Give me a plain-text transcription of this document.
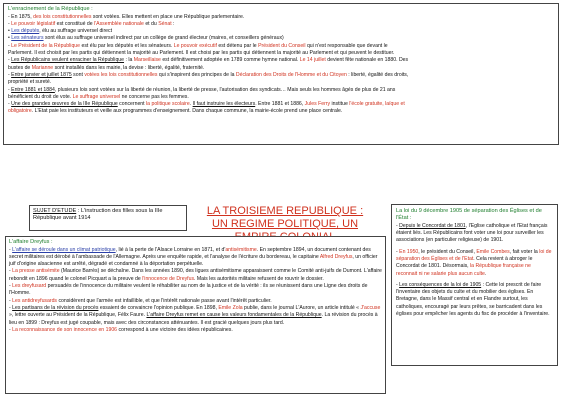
L'enracinement de la République :
- En 1875, des lois constitutionnelles sont votées. Elles mettent en place une République parlementaire.
- Le pouvoir législatif est constitué de l'Assemblée nationale et du Sénat :
• Les députés, élu au suffrage universel direct
• Les sénateurs sont élus au suffrage universel indirect par un collège de grand électeur (maires, et conseillers généraux)
- Le Président de la République est élu par les députés et les sénateurs. Le pouvoir exécutif est détenu par le Président du Conseil qui n'est responsable que devant le
Parlement. Il est choisit par les partis qui détiennent la majorité au Parlement. Il est choisi par les partis qui détiennent la majorité au Parlement et qui peuvent le destituer.
- Les Républicains veulent enraciner la République : la Marseillaise est définitivement adoptée en 1789 comme hymne national. Le 14 juillet devient fête nationale en 1880. Des
bustes de Marianne sont installés dans les mairie, la devise : liberté, égalité, fraternité.
- Entre janvier et juillet 1875 sont votées les lois constitutionnelles qui s'inspirent des principes de la Déclaration des Droits de l'Homme et du Citoyen : liberté, égalité des droits,
propriété et sureté.
- Entre 1881 et 1884, plusieurs lois sont votées sur la liberté de réunion, la liberté de presse, l'autorisation des syndicats… Mais seuls les hommes âgés de plus de 21 ans
bénéficient du droit de vote. Le suffrage universel ne concerne pas les femmes.
- Une des grandes œuvres de la IIIe République concernent la politique scolaire. Il faut instruire les électeurs. Entre 1881 et 1886, Jules Ferry institue l'école gratuite, laïque et
obligatoire. L'Etat paie les instituteurs et veille aux programmes d'enseignement. Dans chaque commune, la mairie-école prend une place centrale.
SUJET D'ETUDE : L'instruction des filles sous la IIIe République avant 1914
LA TROISIEME REPUBLIQUE : UN REGIME POLITIQUE, UN
La loi du 9 décembre 1905 de séparation des Églises et de l'État :
- Depuis le Concordat de 1801, l'Eglise catholique et l'Etat français étaient liés. Les Républicains font voter une loi pour surveiller les associations (en particulier religieuse) de 1901.
- En 1950, le président du Conseil, Emile Combes, fait voter la loi de séparation des Églises et de l'Etat. Cela revient à abroger le Concordat de 1801. Désormais, la République française ne reconnait ni ne salarie plus aucun culte.
- Les conséquences de la loi de 1905 : Cette loi prescrit de faire l'inventaire des objets du culte et du mobilier des églises. En Bretagne, dans le Massif central et en Flandre surtout, les catholiques, encouragé par leurs prêtes, se barricadent dans les églises pour empêcher les agents du fisc de procéder à l'inventaire.
L'affaire Dreyfus :
- L'affaire se déroule dans un climat patriotique, lié à la perte de l'Alsace Lorraine en 1871, et d'antisémitisme. En septembre 1894, un document contenant des secret militaires est dérobé à l'ambassade de l'Allemagne. Après une enquête rapide, et l'analyse de l'écriture du bordereau, le capitaine Alfred Dreyfus, un officier juif d'origine alsacienne est arrêté, dégradé et condamné à la déportation perpétuelle.
- La presse antisémite (Maurice Barrès) se déchaîne. Dans les années 1890, des ligues antisémitisme apparaissent comme le Comité anti-juifs de Dumont. L'affaire rebondit en 1896 quand le colonel Picquart a la preuve de l'innocence de Dreyfus. Mais les autorités militaire refusent de rouvrir le dossier.
- Les dreyfusard persuadés de l'innocence du militaire veulent le réhabiliter au nom de la justice et de la vérité : ils se réunissent dans une Ligne des droits de l'Homme.
- Les antidreyfusards considèrent que l'armée est infaillible, et que l'intérêt nationale passe avant l'intérêt particulier.
- Les partisans de la révision du procès essaient de convaincre l'opinion publique. En 1898, Emile Zola publie, dans le journal L'Aurore, un article intitulé « J'accuse », lettre ouverte au Président de la République, Félix Faure. L'affaire Dreyfus remet en cause les valeurs fondamentales de la République. La révision du procès à lieu en 1899 : Dreyfus est jugé coupable, mais avec des circonstances atténuantes. Il est gracié quelques jours plus tard.
- La reconnaissance de son innocence en 1906 correspond à une victoire des idées républicaines.
